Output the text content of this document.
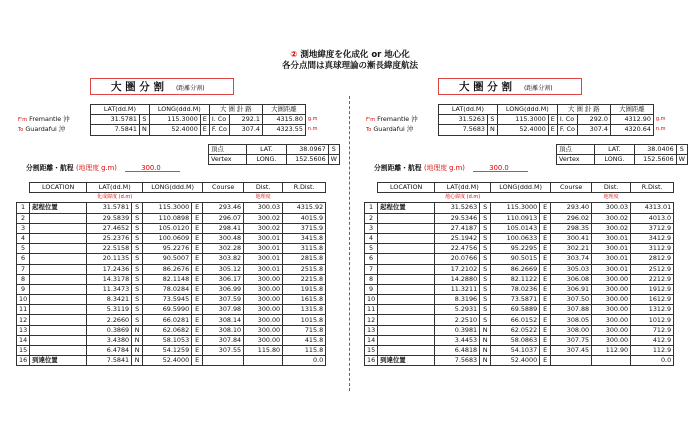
② 測地緯度を化成化 or 地心化
各分点間は真球理論の漸長緯度航法
大 圏 分 割 (距離分割)
	LAT(dd.M)		LONG(ddd.M)		大 圏 針 路		大圏距離	
F'm Fremantle 沖	31.5781	S	115.3000	E	I. Co	292.1	4315.80	g.m
To Guardafui 沖	7.5841	N	52.4000	E	F. Co	307.4	4323.55	n.m
頂点	LAT.	38.0967	S
Vertex	LONG.	152.5606	W
分割距離・航程 (地理度 g.m)	300.0
	LOCATION	LAT(dd.M)		LONG(ddd.M)		Course	Dist.	R.Dist.
		化成緯度 (d.m)					地理度	
1	起程位置	31.5781	S	115.3000	E	293.46	300.03	4315.92
2		29.5839	S	110.0898	E	296.07	300.02	4015.9
3		27.4652	S	105.0120	E	298.41	300.02	3715.9
4		25.2376	S	100.0609	E	300.48	300.01	3415.8
5		22.5158	S	95.2276	E	302.28	300.01	3115.8
6		20.1135	S	90.5007	E	303.82	300.01	2815.8
7		17.2436	S	86.2676	E	305.12	300.01	2515.8
8		14.3178	S	82.1148	E	306.17	300.00	2215.8
9		11.3473	S	78.0284	E	306.99	300.00	1915.8
10		8.3421	S	73.5945	E	307.59	300.00	1615.8
11		5.3119	S	69.5990	E	307.98	300.00	1315.8
12		2.2660	S	66.0281	E	308.14	300.00	1015.8
13		0.3869	N	62.0682	E	308.10	300.00	715.8
14		3.4380	N	58.1053	E	307.84	300.00	415.8
15		6.4784	N	54.1259	E	307.55	115.80	115.8
16	到達位置	7.5841	N	52.4000	E			0.0
大 圏 分 割 (距離分割)
	LAT(dd.M)		LONG(ddd.M)		大 圏 針 路		大圏距離	
F'm Fremantle 沖	31.5263	S	115.3000	E	I. Co	292.0	4312.90	g.m
To Guardafui 沖	7.5683	N	52.4000	E	F. Co	307.4	4320.64	n.m
頂点	LAT.	38.0406	S
Vertex	LONG.	152.5606	W
分割距離・航程 (地理度 g.m)	300.0
	LOCATION	LAT(dd.M)		LONG(ddd.M)		Course	Dist.	R.Dist.
		地心緯度 (d.m)					地理度	
1	起程位置	31.5263	S	115.3000	E	293.40	300.03	4313.01
2		29.5346	S	110.0913	E	296.02	300.02	4013.0
3		27.4187	S	105.0143	E	298.35	300.02	3712.9
4		25.1942	S	100.0633	E	300.41	300.01	3412.9
5		22.4756	S	95.2295	E	302.21	300.01	3112.9
6		20.0766	S	90.5015	E	303.74	300.01	2812.9
7		17.2102	S	86.2669	E	305.03	300.01	2512.9
8		14.2880	S	82.1122	E	306.08	300.00	2212.9
9		11.3211	S	78.0236	E	306.91	300.00	1912.9
10		8.3196	S	73.5871	E	307.50	300.00	1612.9
11		5.2931	S	69.5889	E	307.88	300.00	1312.9
12		2.2510	S	66.0152	E	308.05	300.00	1012.9
13		0.3981	N	62.0522	E	308.00	300.00	712.9
14		3.4453	N	58.0863	E	307.75	300.00	412.9
15		6.4818	N	54.1037	E	307.45	112.90	112.9
16	到達位置	7.5683	N	52.4000	E			0.0
